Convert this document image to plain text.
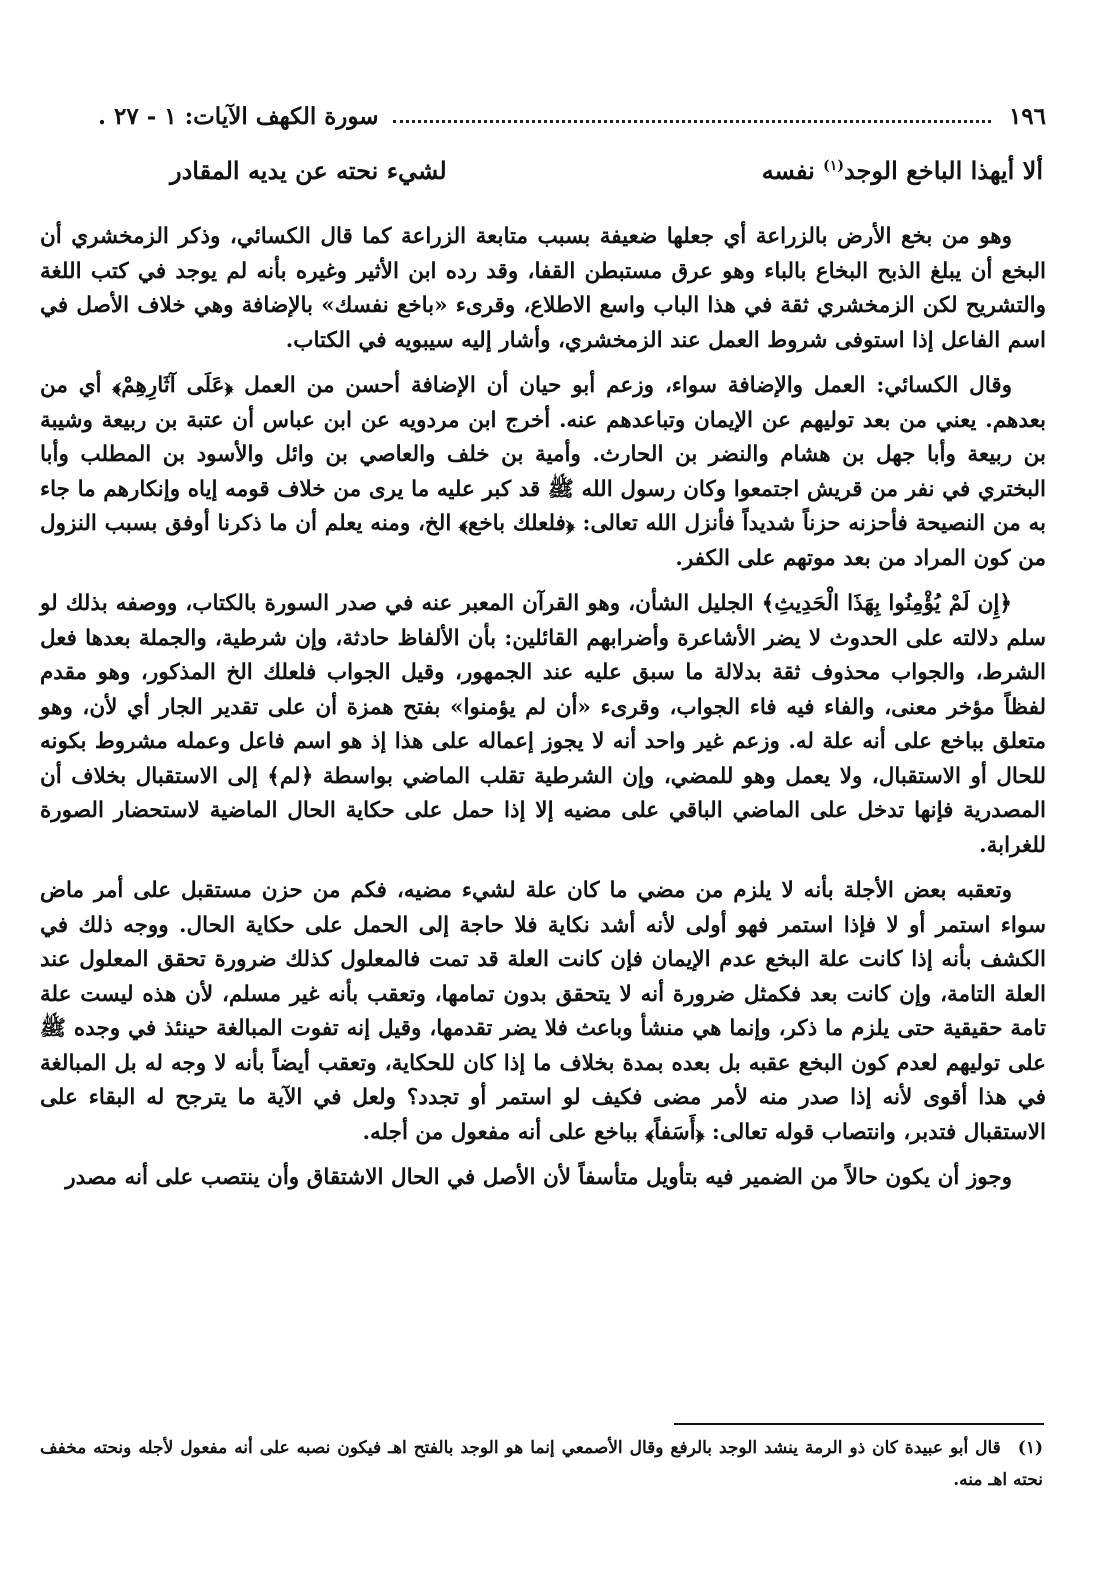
١٩٦
سورة الكهف الآيات: ١ - ٢٧ .
ألا أيهذا الباخع الوجد$^{(١)}$ نفسه
لشيء نحته عن يديه المقادر

وهو من بخع الأرض بالزراعة أي جعلها ضعيفة بسبب متابعة الزراعة كما قال الكسائي، وذكر الزمخشري أن البخع أن يبلغ الذبح البخاع بالباء وهو عرق مستبطن القفا، وقد رده ابن الأثير وغيره بأنه لم يوجد في كتب اللغة والتشريح لكن الزمخشري ثقة في هذا الباب واسع الاطلاع، وقرىء «باخع نفسك» بالإضافة وهي خلاف الأصل في اسم الفاعل إذا استوفى شروط العمل عند الزمخشري، وأشار إليه سيبويه في الكتاب.

وقال الكسائي: العمل والإضافة سواء، وزعم أبو حيان أن الإضافة أحسن من العمل ﴿عَلَى آثَارِهِمْ﴾ أي من بعدهم. يعني من بعد توليهم عن الإيمان وتباعدهم عنه. أخرج ابن مردويه عن ابن عباس أن عتبة بن ربيعة وشيبة بن ربيعة وأبا جهل بن هشام والنضر بن الحارث. وأمية بن خلف والعاصي بن وائل والأسود بن المطلب وأبا البختري في نفر من قريش اجتمعوا وكان رسول الله ﷺ قد كبر عليه ما يرى من خلاف قومه إياه وإنكارهم ما جاء به من النصيحة فأحزنه حزناً شديداً فأنزل الله تعالى: ﴿فلعلك باخع﴾ الخ، ومنه يعلم أن ما ذكرنا أوفق بسبب النزول من كون المراد من بعد موتهم على الكفر.

﴿إِن لَمْ يُؤْمِنُوا بِهَذَا الْحَدِيثِ﴾ الجليل الشأن، وهو القرآن المعبر عنه في صدر السورة بالكتاب، ووصفه بذلك لو سلم دلالته على الحدوث لا يضر الأشاعرة وأضرابهم القائلين: بأن الألفاظ حادثة، وإن شرطية، والجملة بعدها فعل الشرط، والجواب محذوف ثقة بدلالة ما سبق عليه عند الجمهور، وقيل الجواب فلعلك الخ المذكور، وهو مقدم لفظاً مؤخر معنى، والفاء فيه فاء الجواب، وقرىء «أن لم يؤمنوا» بفتح همزة أن على تقدير الجار أي لأن، وهو متعلق بباخع على أنه علة له. وزعم غير واحد أنه لا يجوز إعماله على هذا إذ هو اسم فاعل وعمله مشروط بكونه للحال أو الاستقبال، ولا يعمل وهو للمضي، وإن الشرطية تقلب الماضي بواسطة ﴿لم﴾ إلى الاستقبال بخلاف أن المصدرية فإنها تدخل على الماضي الباقي على مضيه إلا إذا حمل على حكاية الحال الماضية لاستحضار الصورة للغرابة.

وتعقبه بعض الأجلة بأنه لا يلزم من مضي ما كان علة لشيء مضيه، فكم من حزن مستقبل على أمر ماض سواء استمر أو لا فإذا استمر فهو أولى لأنه أشد نكاية فلا حاجة إلى الحمل على حكاية الحال. ووجه ذلك في الكشف بأنه إذا كانت علة البخع عدم الإيمان فإن كانت العلة قد تمت فالمعلول كذلك ضرورة تحقق المعلول عند العلة التامة، وإن كانت بعد فكمثل ضرورة أنه لا يتحقق بدون تمامها، وتعقب بأنه غير مسلم، لأن هذه ليست علة تامة حقيقية حتى يلزم ما ذكر، وإنما هي منشأ وباعث فلا يضر تقدمها، وقيل إنه تفوت المبالغة حينئذ في وجده ﷺ على توليهم لعدم كون البخع عقبه بل بعده بمدة بخلاف ما إذا كان للحكاية، وتعقب أيضاً بأنه لا وجه له بل المبالغة في هذا أقوى لأنه إذا صدر منه لأمر مضى فكيف لو استمر أو تجدد؟ ولعل في الآية ما يترجح له البقاء على الاستقبال فتدبر، وانتصاب قوله تعالى: ﴿أَسَفاً﴾ بباخع على أنه مفعول من أجله.

وجوز أن يكون حالاً من الضمير فيه بتأويل متأسفاً لأن الأصل في الحال الاشتقاق وأن ينتصب على أنه مصدر

(١) قال أبو عبيدة كان ذو الرمة ينشد الوجد بالرفع وقال الأصمعي إنما هو الوجد بالفتح اهـ فيكون نصبه على أنه مفعول لأجله ونحته مخفف نحته اهـ منه.
